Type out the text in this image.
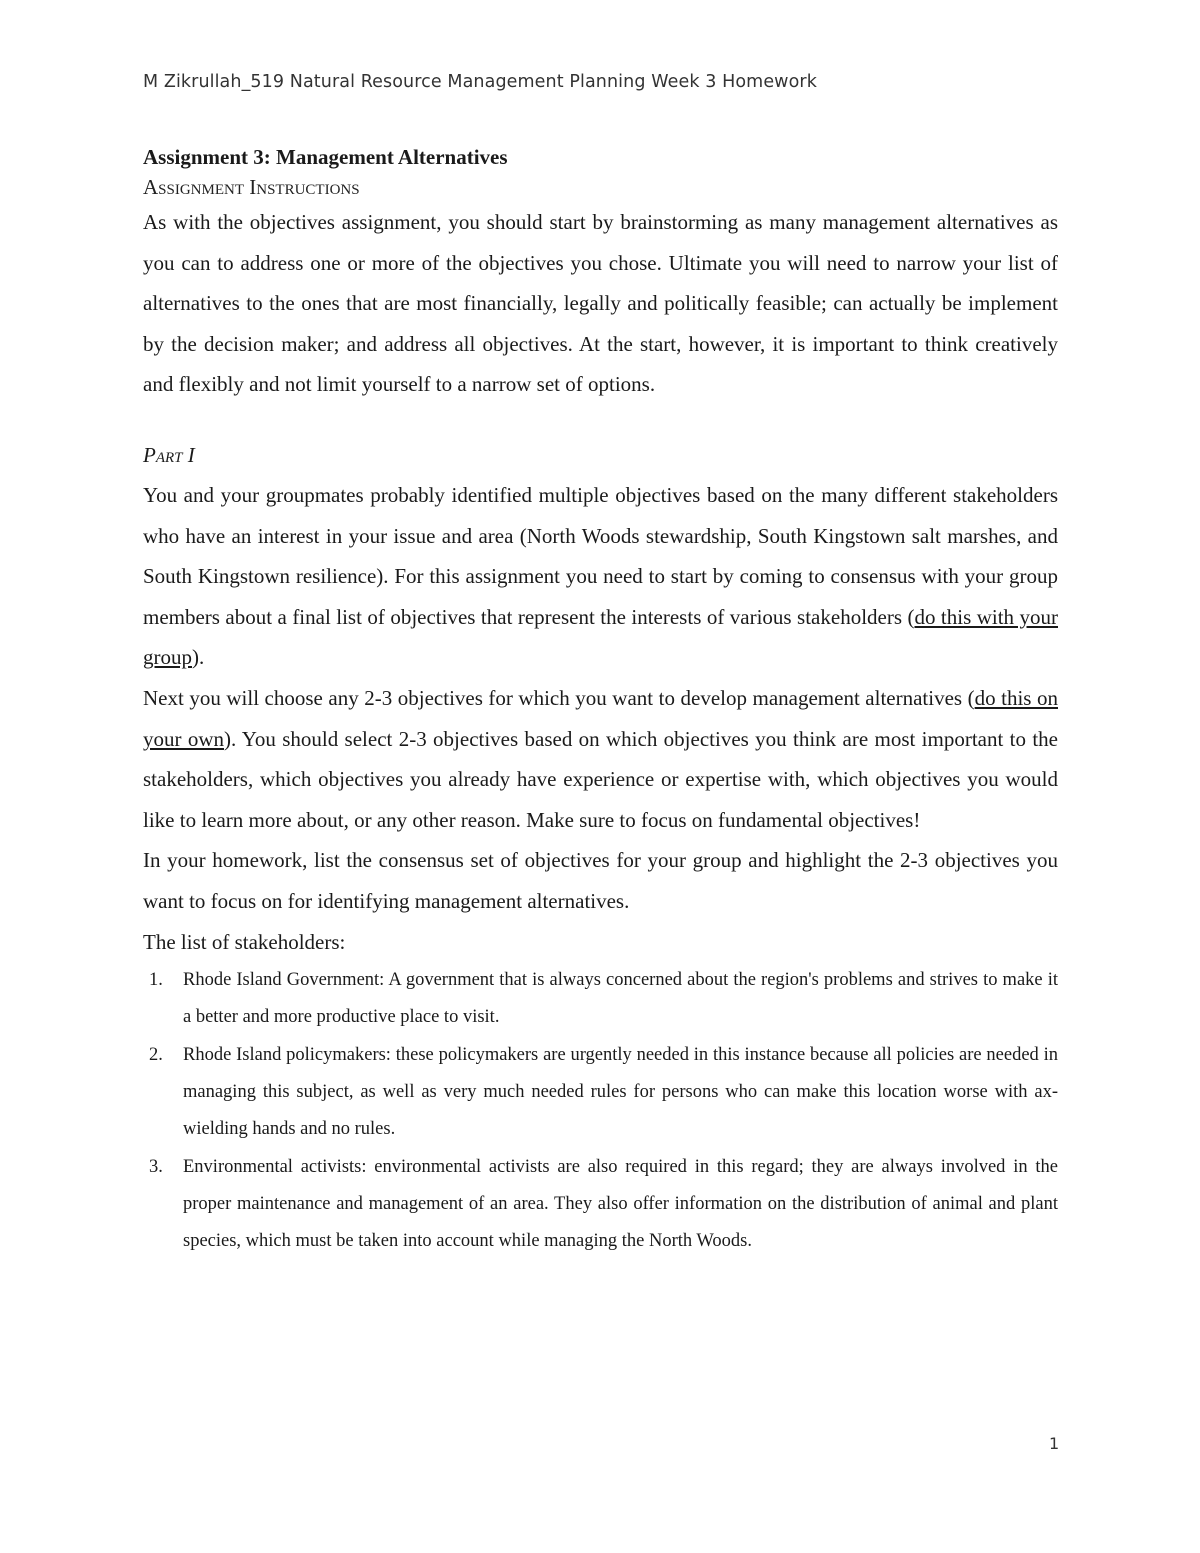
M Zikrullah_519 Natural Resource Management Planning Week 3 Homework

Assignment 3: Management Alternatives

Assignment Instructions

As with the objectives assignment, you should start by brainstorming as many management alternatives as you can to address one or more of the objectives you chose. Ultimate you will need to narrow your list of alternatives to the ones that are most financially, legally and politically feasible; can actually be implement by the decision maker; and address all objectives. At the start, however, it is important to think creatively and flexibly and not limit yourself to a narrow set of options.

Part I

You and your groupmates probably identified multiple objectives based on the many different stakeholders who have an interest in your issue and area (North Woods stewardship, South Kingstown salt marshes, and South Kingstown resilience). For this assignment you need to start by coming to consensus with your group members about a final list of objectives that represent the interests of various stakeholders (do this with your group).

Next you will choose any 2-3 objectives for which you want to develop management alternatives (do this on your own). You should select 2-3 objectives based on which objectives you think are most important to the stakeholders, which objectives you already have experience or expertise with, which objectives you would like to learn more about, or any other reason. Make sure to focus on fundamental objectives!

In your homework, list the consensus set of objectives for your group and highlight the 2-3 objectives you want to focus on for identifying management alternatives.

The list of stakeholders:

1. Rhode Island Government: A government that is always concerned about the region's problems and strives to make it a better and more productive place to visit.
2. Rhode Island policymakers: these policymakers are urgently needed in this instance because all policies are needed in managing this subject, as well as very much needed rules for persons who can make this location worse with ax-wielding hands and no rules.
3. Environmental activists: environmental activists are also required in this regard; they are always involved in the proper maintenance and management of an area. They also offer information on the distribution of animal and plant species, which must be taken into account while managing the North Woods.
1
